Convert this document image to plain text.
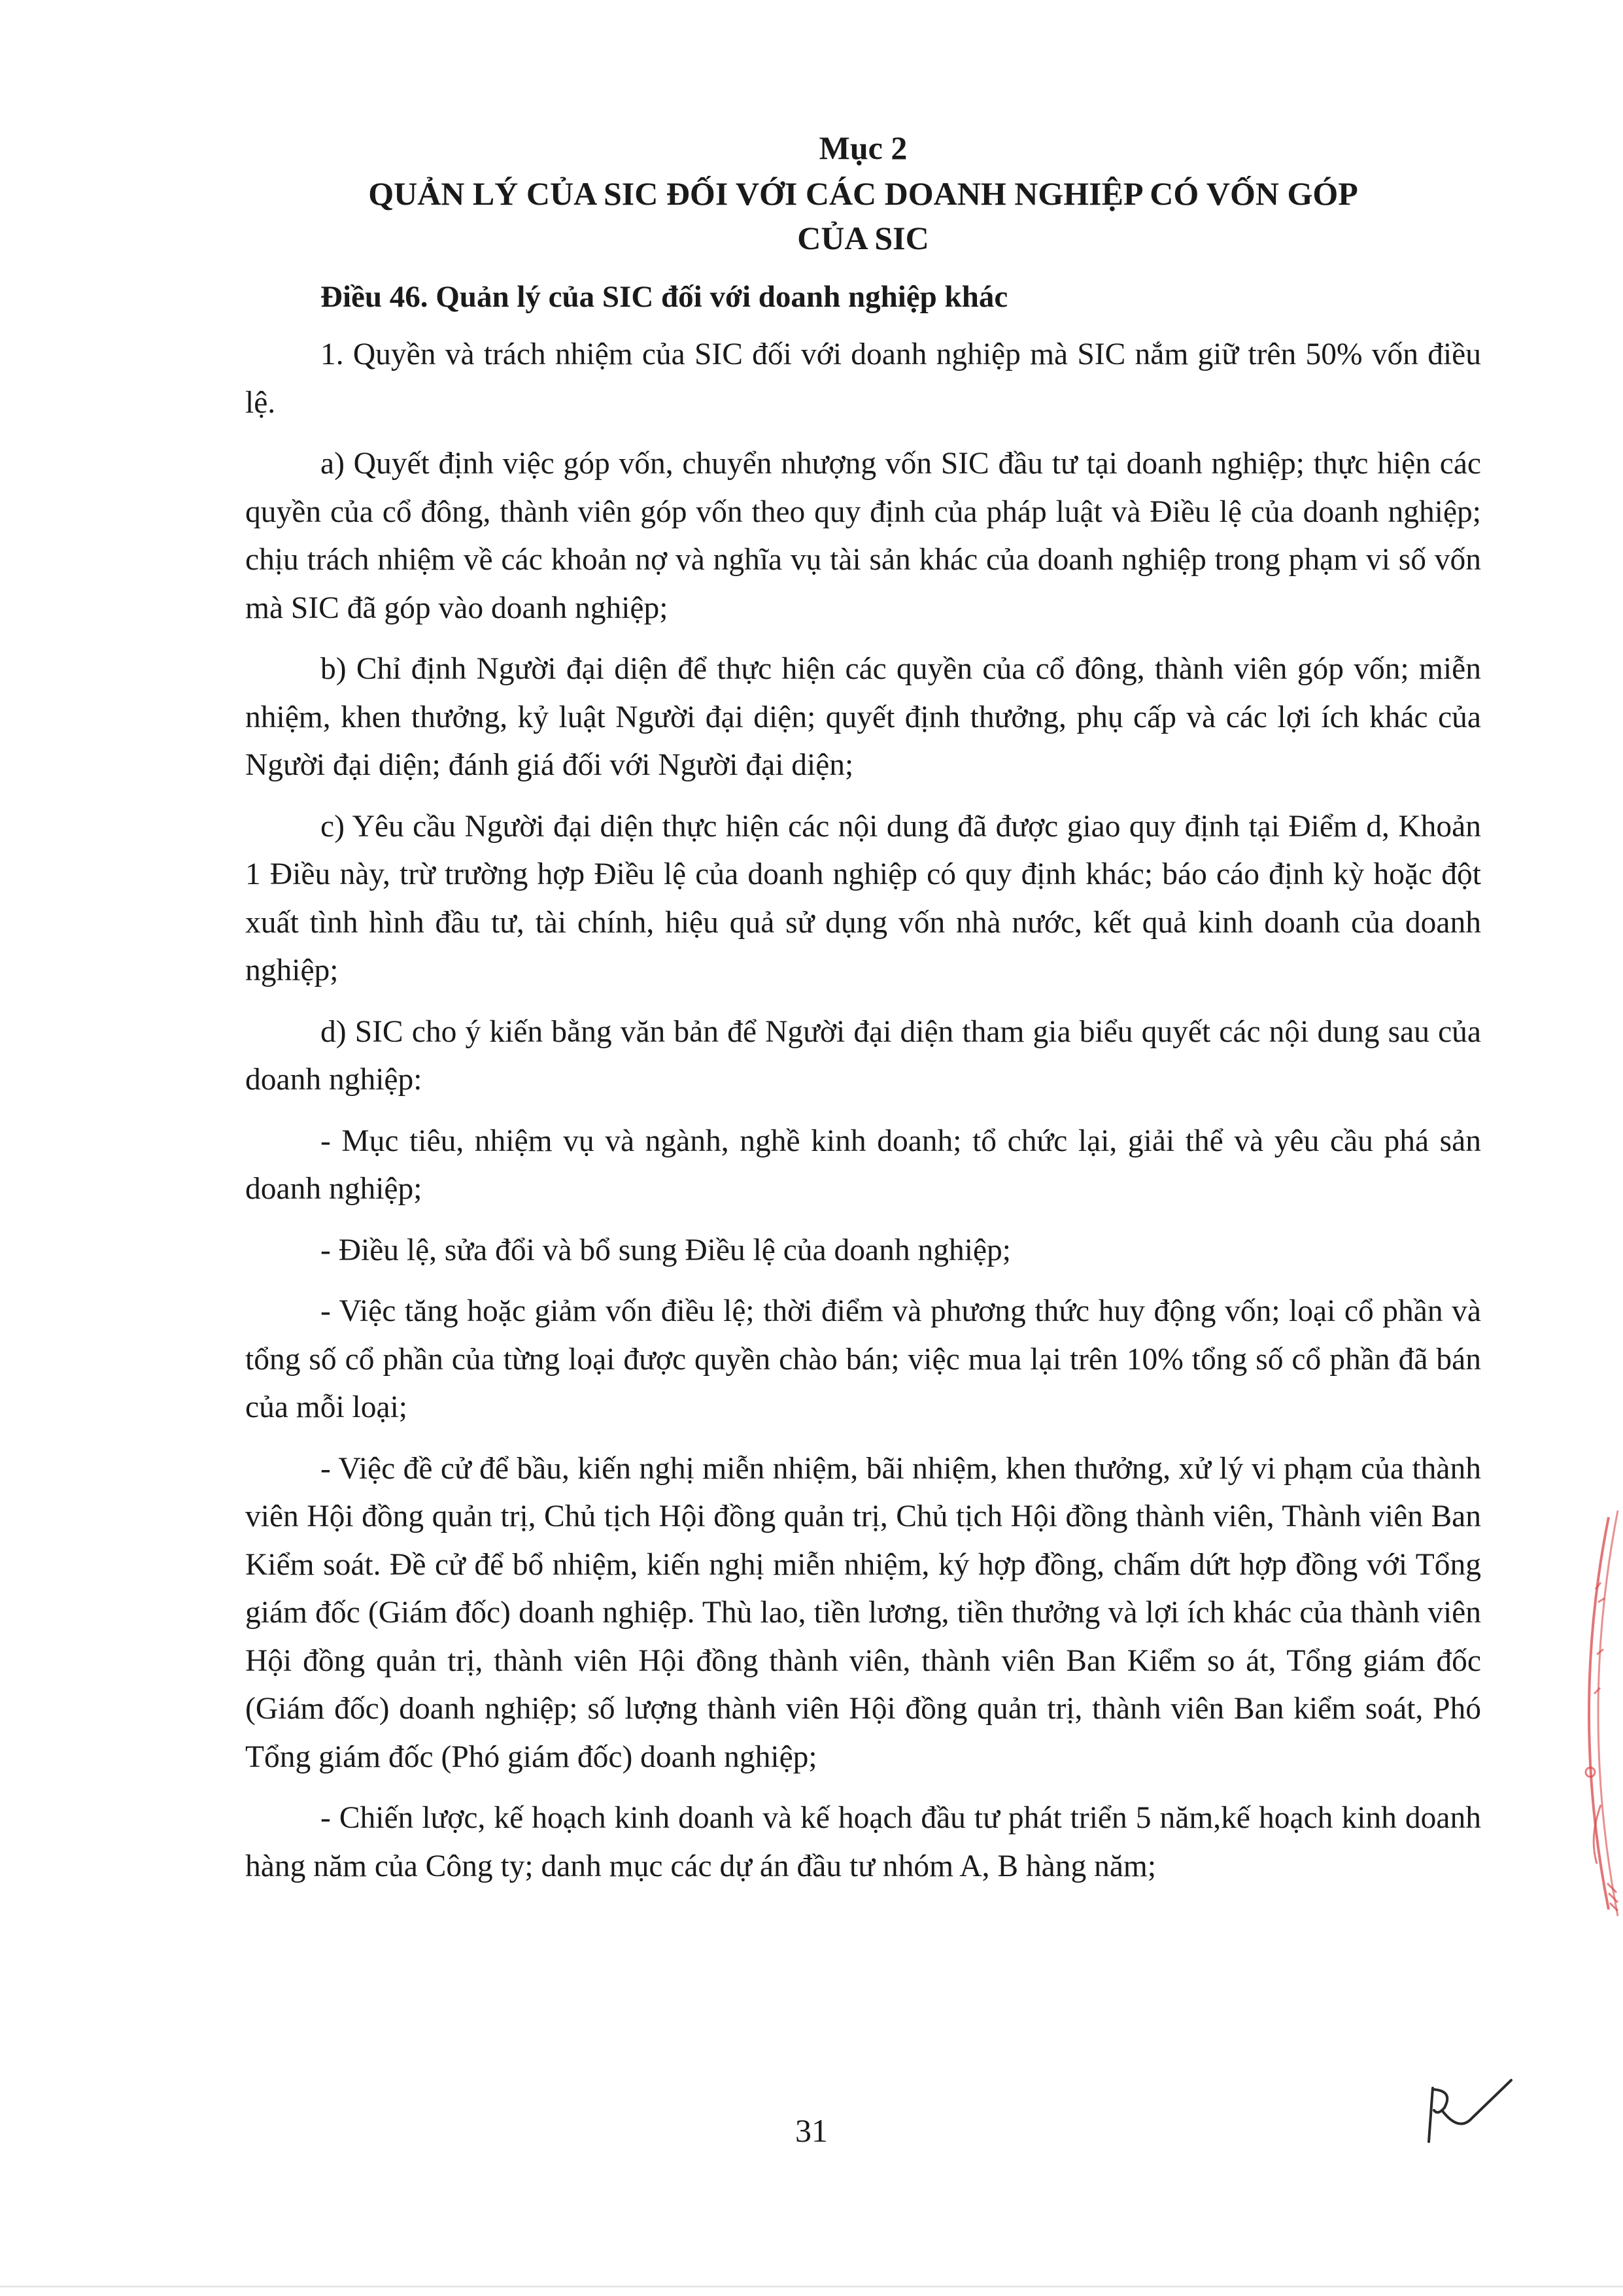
Mục 2

QUẢN LÝ CỦA SIC ĐỐI VỚI CÁC DOANH NGHIỆP CÓ VỐN GÓP
CỦA SIC

Điều 46. Quản lý của SIC đối với doanh nghiệp khác

1. Quyền và trách nhiệm của SIC đối với doanh nghiệp mà SIC nắm giữ trên 50% vốn điều lệ.

a) Quyết định việc góp vốn, chuyển nhượng vốn SIC đầu tư tại doanh nghiệp; thực hiện các quyền của cổ đông, thành viên góp vốn theo quy định của pháp luật và Điều lệ của doanh nghiệp; chịu trách nhiệm về các khoản nợ và nghĩa vụ tài sản khác của doanh nghiệp trong phạm vi số vốn mà SIC đã góp vào doanh nghiệp;

b) Chỉ định Người đại diện để thực hiện các quyền của cổ đông, thành viên góp vốn; miễn nhiệm, khen thưởng, kỷ luật Người đại diện; quyết định thưởng, phụ cấp và các lợi ích khác của Người đại diện; đánh giá đối với Người đại diện;

c) Yêu cầu Người đại diện thực hiện các nội dung đã được giao quy định tại Điểm d, Khoản 1 Điều này, trừ trường hợp Điều lệ của doanh nghiệp có quy định khác; báo cáo định kỳ hoặc đột xuất tình hình đầu tư, tài chính, hiệu quả sử dụng vốn nhà nước, kết quả kinh doanh của doanh nghiệp;

d) SIC cho ý kiến bằng văn bản để Người đại diện tham gia biểu quyết các nội dung sau của doanh nghiệp:

- Mục tiêu, nhiệm vụ và ngành, nghề kinh doanh; tổ chức lại, giải thể và yêu cầu phá sản doanh nghiệp;

- Điều lệ, sửa đổi và bổ sung Điều lệ của doanh nghiệp;

- Việc tăng hoặc giảm vốn điều lệ; thời điểm và phương thức huy động vốn; loại cổ phần và tổng số cổ phần của từng loại được quyền chào bán; việc mua lại trên 10% tổng số cổ phần đã bán của mỗi loại;

- Việc đề cử để bầu, kiến nghị miễn nhiệm, bãi nhiệm, khen thưởng, xử lý vi phạm của thành viên Hội đồng quản trị, Chủ tịch Hội đồng quản trị, Chủ tịch Hội đồng thành viên, Thành viên Ban Kiểm soát. Đề cử để bổ nhiệm, kiến nghị miễn nhiệm, ký hợp đồng, chấm dứt hợp đồng với Tổng giám đốc (Giám đốc) doanh nghiệp. Thù lao, tiền lương, tiền thưởng và lợi ích khác của thành viên Hội đồng quản trị, thành viên Hội đồng thành viên, thành viên Ban Kiểm so át, Tổng giám đốc (Giám đốc) doanh nghiệp; số lượng thành viên Hội đồng quản trị, thành viên Ban kiểm soát, Phó Tổng giám đốc (Phó giám đốc) doanh nghiệp;

- Chiến lược, kế hoạch kinh doanh và kế hoạch đầu tư phát triển 5 năm,kế hoạch kinh doanh hàng năm của Công ty; danh mục các dự án đầu tư nhóm A, B hàng năm;

31
